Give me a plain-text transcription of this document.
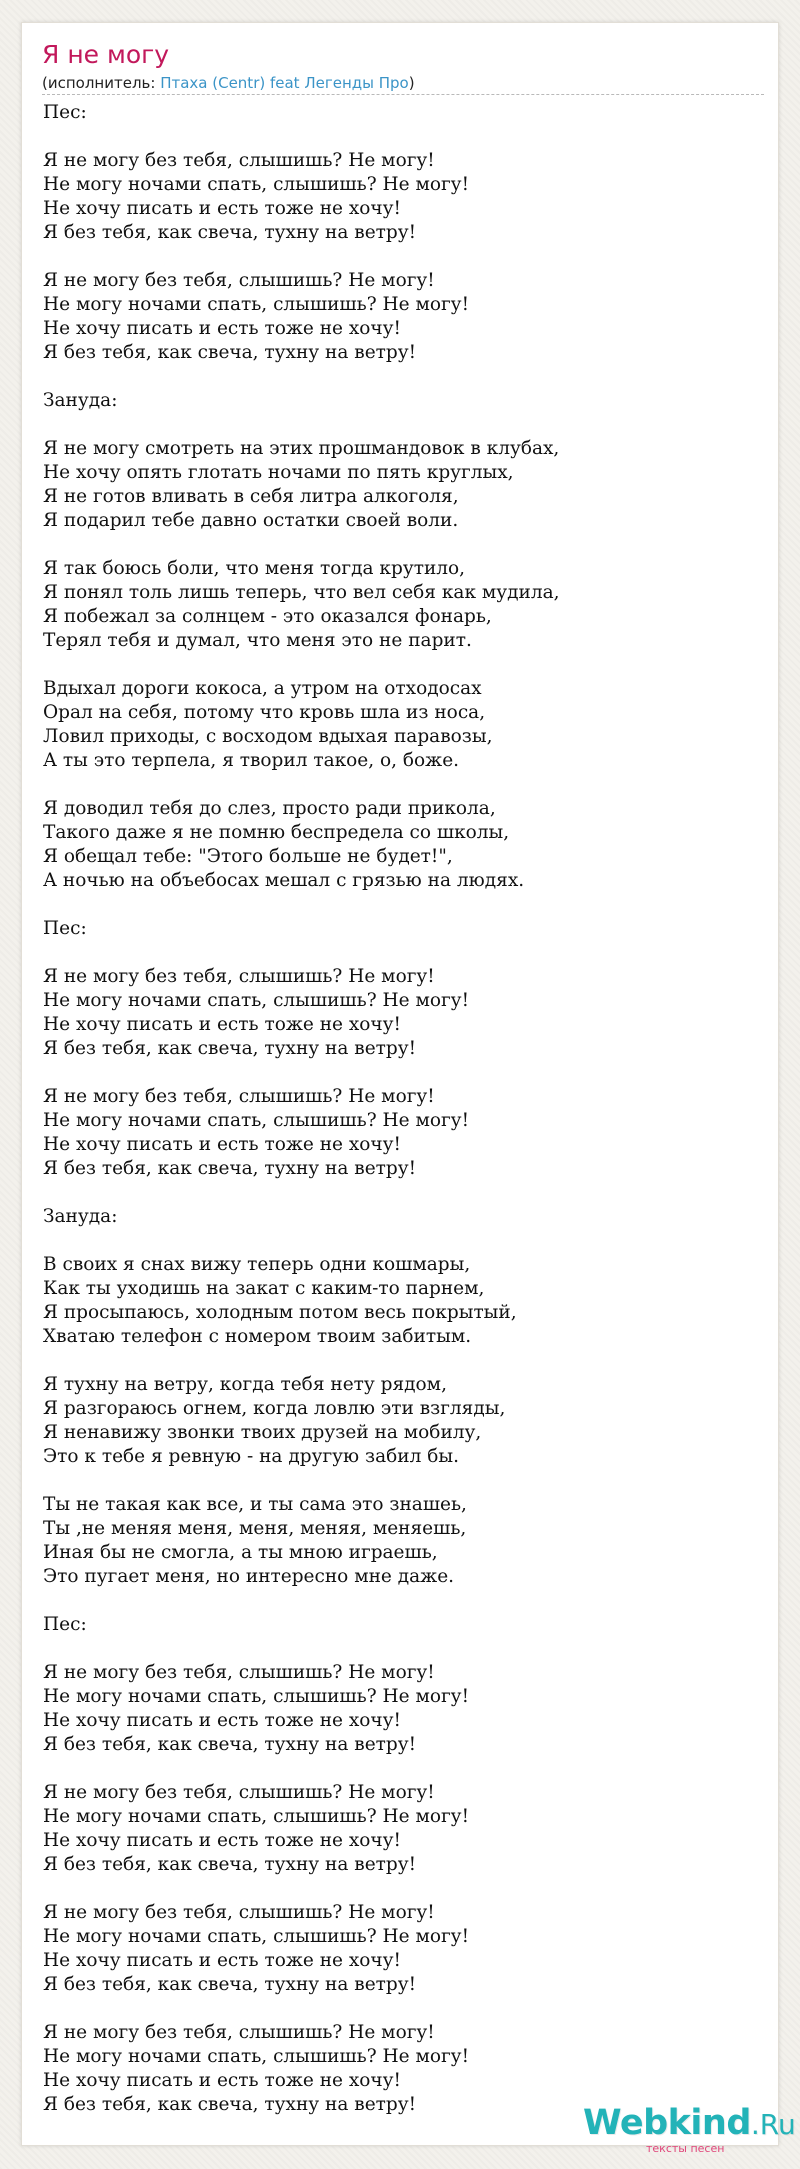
Я не могу
(исполнитель: Птаха (Centr) feat Легенды Про)
Пес:
Я не могу без тебя, слышишь? Не могу!
Не могу ночами спать, слышишь? Не могу!
Не хочу писать и есть тоже не хочу!
Я без тебя, как свеча, тухну на ветру!
Я не могу без тебя, слышишь? Не могу!
Не могу ночами спать, слышишь? Не могу!
Не хочу писать и есть тоже не хочу!
Я без тебя, как свеча, тухну на ветру!
Зануда:
Я не могу смотреть на этих прошмандовок в клубах,
Не хочу опять глотать ночами по пять круглых,
Я не готов вливать в себя литра алкоголя,
Я подарил тебе давно остатки своей воли.
Я так боюсь боли, что меня тогда крутило,
Я понял толь лишь теперь, что вел себя как мудила,
Я побежал за солнцем - это оказался фонарь,
Терял тебя и думал, что меня это не парит.
Вдыхал дороги кокоса, а утром на отходосах
Орал на себя, потому что кровь шла из носа,
Ловил приходы, с восходом вдыхая паравозы,
А ты это терпела, я творил такое, о, боже.
Я доводил тебя до слез, просто ради прикола,
Такого даже я не помню беспредела со школы,
Я обещал тебе: "Этого больше не будет!",
А ночью на объебосах мешал с грязью на людях.
Пес:
Я не могу без тебя, слышишь? Не могу!
Не могу ночами спать, слышишь? Не могу!
Не хочу писать и есть тоже не хочу!
Я без тебя, как свеча, тухну на ветру!
Я не могу без тебя, слышишь? Не могу!
Не могу ночами спать, слышишь? Не могу!
Не хочу писать и есть тоже не хочу!
Я без тебя, как свеча, тухну на ветру!
Зануда:
В своих я снах вижу теперь одни кошмары,
Как ты уходишь на закат с каким-то парнем,
Я просыпаюсь, холодным потом весь покрытый,
Хватаю телефон с номером твоим забитым.
Я тухну на ветру, когда тебя нету рядом,
Я разгораюсь огнем, когда ловлю эти взгляды,
Я ненавижу звонки твоих друзей на мобилу,
Это к тебе я ревную - на другую забил бы.
Ты не такая как все, и ты сама это знашеь,
Ты ,не меняя меня, меня, меняя, меняешь,
Иная бы не смогла, а ты мною играешь,
Это пугает меня, но интересно мне даже.
Пес:
Я не могу без тебя, слышишь? Не могу!
Не могу ночами спать, слышишь? Не могу!
Не хочу писать и есть тоже не хочу!
Я без тебя, как свеча, тухну на ветру!
Я не могу без тебя, слышишь? Не могу!
Не могу ночами спать, слышишь? Не могу!
Не хочу писать и есть тоже не хочу!
Я без тебя, как свеча, тухну на ветру!
Я не могу без тебя, слышишь? Не могу!
Не могу ночами спать, слышишь? Не могу!
Не хочу писать и есть тоже не хочу!
Я без тебя, как свеча, тухну на ветру!
Я не могу без тебя, слышишь? Не могу!
Не могу ночами спать, слышишь? Не могу!
Не хочу писать и есть тоже не хочу!
Я без тебя, как свеча, тухну на ветру!	Webkind.Ru
тексты песен
